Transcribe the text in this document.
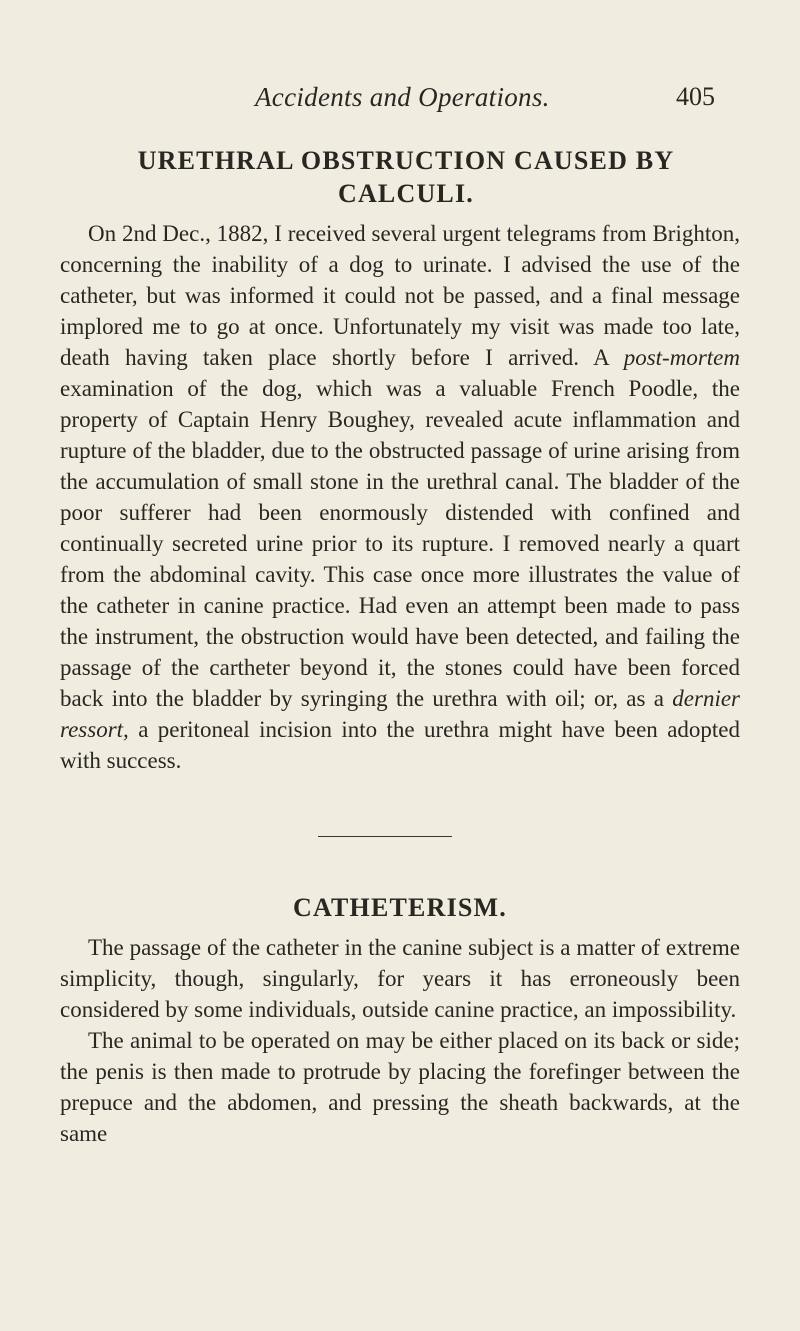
Accidents and Operations.	405
URETHRAL OBSTRUCTION CAUSED BY
CALCULI.

On 2nd Dec., 1882, I received several urgent telegrams from Brighton, concerning the inability of a dog to urinate. I advised the use of the catheter, but was informed it could not be passed, and a final message implored me to go at once. Unfortunately my visit was made too late, death having taken place shortly before I arrived. A post-mortem examination of the dog, which was a valuable French Poodle, the property of Captain Henry Boughey, revealed acute inflammation and rupture of the bladder, due to the obstructed passage of urine arising from the accumulation of small stone in the urethral canal. The bladder of the poor sufferer had been enormously distended with confined and continually secreted urine prior to its rupture. I removed nearly a quart from the abdominal cavity. This case once more illustrates the value of the catheter in canine practice. Had even an attempt been made to pass the instrument, the obstruction would have been detected, and failing the passage of the cartheter beyond it, the stones could have been forced back into the bladder by syringing the urethra with oil; or, as a dernier ressort, a peritoneal incision into the urethra might have been adopted with success.

CATHETERISM.

The passage of the catheter in the canine subject is a matter of extreme simplicity, though, singularly, for years it has erroneously been considered by some individuals, outside canine practice, an impossibility.

The animal to be operated on may be either placed on its back or side; the penis is then made to protrude by placing the forefinger between the prepuce and the abdomen, and pressing the sheath backwards, at the same
